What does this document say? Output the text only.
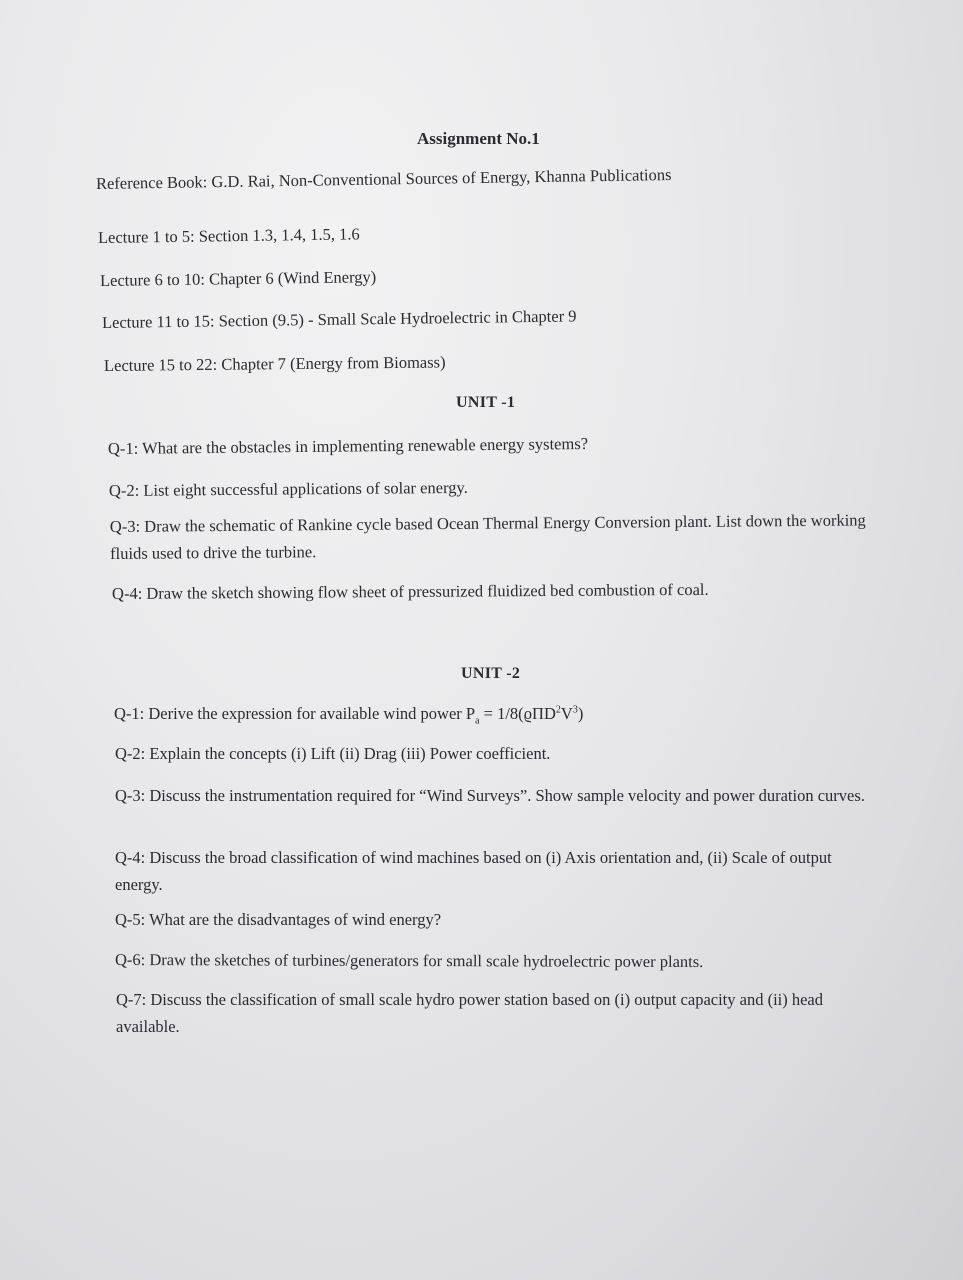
Assignment No.1
Reference Book: G.D. Rai, Non-Conventional Sources of Energy, Khanna Publications
Lecture 1 to 5: Section 1.3, 1.4, 1.5, 1.6
Lecture 6 to 10: Chapter 6 (Wind Energy)
Lecture 11 to 15: Section (9.5) - Small Scale Hydroelectric in Chapter 9
Lecture 15 to 22: Chapter 7 (Energy from Biomass)
UNIT -1
Q-1: What are the obstacles in implementing renewable energy systems?
Q-2: List eight successful applications of solar energy.
Q-3: Draw the schematic of Rankine cycle based Ocean Thermal Energy Conversion plant. List down the working fluids used to drive the turbine.
Q-4: Draw the sketch showing flow sheet of pressurized fluidized bed combustion of coal.
UNIT -2
Q-1: Derive the expression for available wind power $P_a = 1/8(ϱ\Pi D^2V^3)$
Q-2: Explain the concepts (i) Lift (ii) Drag (iii) Power coefficient.
Q-3: Discuss the instrumentation required for “Wind Surveys”. Show sample velocity and power duration curves.
Q-4: Discuss the broad classification of wind machines based on (i) Axis orientation and, (ii) Scale of output energy.
Q-5: What are the disadvantages of wind energy?
Q-6: Draw the sketches of turbines/generators for small scale hydroelectric power plants.
Q-7: Discuss the classification of small scale hydro power station based on (i) output capacity and (ii) head available.
